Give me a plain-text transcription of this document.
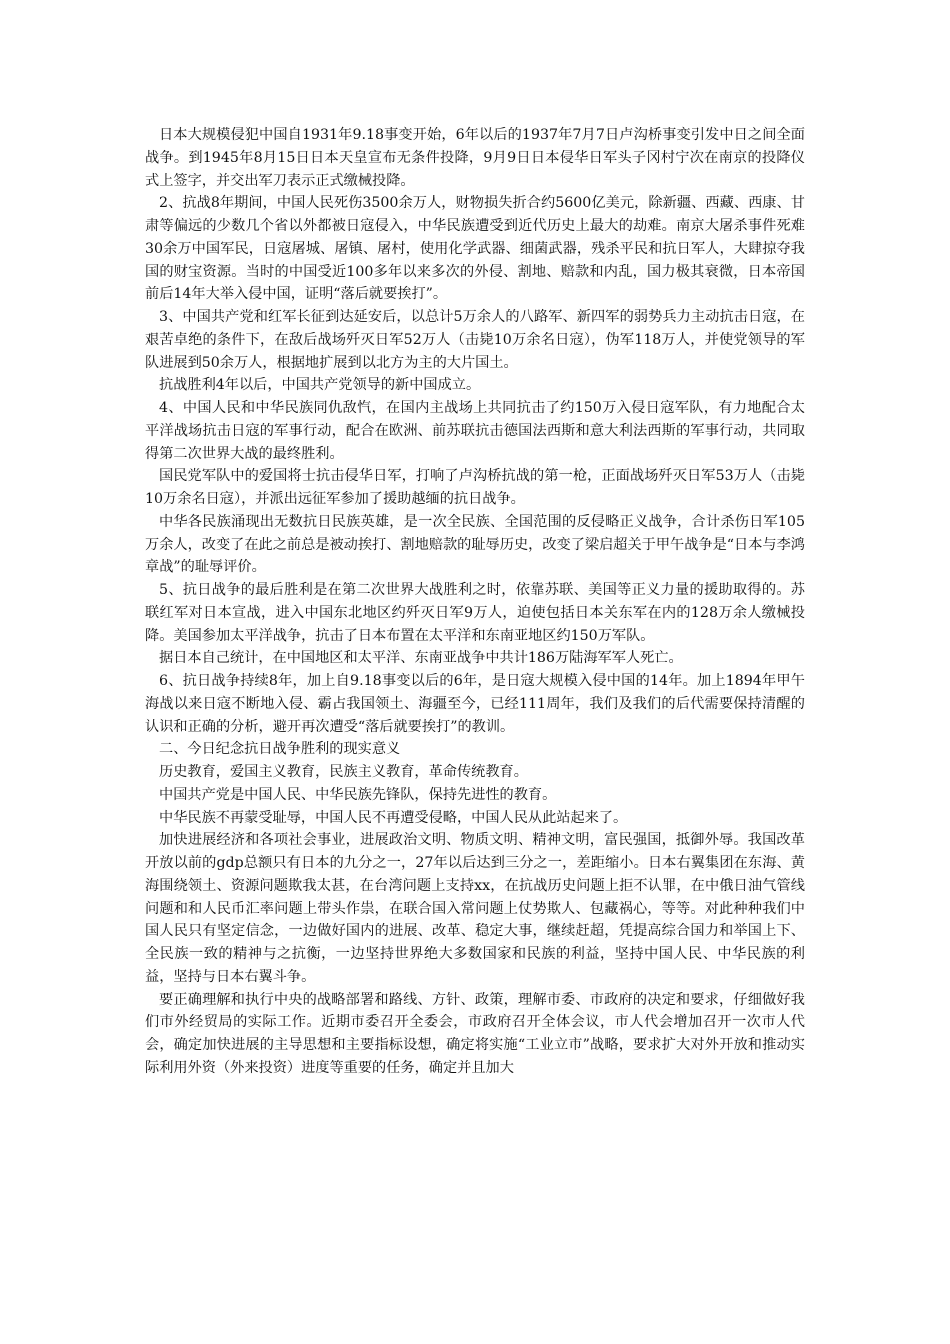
日本大规模侵犯中国自1931年9.18事变开始，6年以后的1937年7月7日卢沟桥事变引发中日之间全面战争。到1945年8月15日日本天皇宣布无条件投降，9月9日日本侵华日军头子冈村宁次在南京的投降仪式上签字，并交出军刀表示正式缴械投降。

2、抗战8年期间，中国人民死伤3500余万人，财物损失折合约5600亿美元，除新疆、西藏、西康、甘肃等偏远的少数几个省以外都被日寇侵入，中华民族遭受到近代历史上最大的劫难。南京大屠杀事件死难30余万中国军民，日寇屠城、屠镇、屠村，使用化学武器、细菌武器，残杀平民和抗日军人，大肆掠夺我国的财宝资源。当时的中国受近100多年以来多次的外侵、割地、赔款和内乱，国力极其衰微，日本帝国前后14年大举入侵中国，证明“落后就要挨打”。

3、中国共产党和红军长征到达延安后，以总计5万余人的八路军、新四军的弱势兵力主动抗击日寇，在艰苦卓绝的条件下，在敌后战场歼灭日军52万人（击毙10万余名日寇），伪军118万人，并使党领导的军队进展到50余万人，根据地扩展到以北方为主的大片国土。

抗战胜利4年以后，中国共产党领导的新中国成立。

4、中国人民和中华民族同仇敌忾，在国内主战场上共同抗击了约150万入侵日寇军队，有力地配合太平洋战场抗击日寇的军事行动，配合在欧洲、前苏联抗击德国法西斯和意大利法西斯的军事行动，共同取得第二次世界大战的最终胜利。

国民党军队中的爱国将士抗击侵华日军，打响了卢沟桥抗战的第一枪，正面战场歼灭日军53万人（击毙10万余名日寇），并派出远征军参加了援助越缅的抗日战争。

中华各民族涌现出无数抗日民族英雄，是一次全民族、全国范围的反侵略正义战争，合计杀伤日军105万余人，改变了在此之前总是被动挨打、割地赔款的耻辱历史，改变了梁启超关于甲午战争是“日本与李鸿章战”的耻辱评价。

5、抗日战争的最后胜利是在第二次世界大战胜利之时，依靠苏联、美国等正义力量的援助取得的。苏联红军对日本宣战，进入中国东北地区约歼灭日军9万人，迫使包括日本关东军在内的128万余人缴械投降。美国参加太平洋战争，抗击了日本布置在太平洋和东南亚地区约150万军队。

据日本自己统计，在中国地区和太平洋、东南亚战争中共计186万陆海军军人死亡。

6、抗日战争持续8年，加上自9.18事变以后的6年，是日寇大规模入侵中国的14年。加上1894年甲午海战以来日寇不断地入侵、霸占我国领土、海疆至今，已经111周年，我们及我们的后代需要保持清醒的认识和正确的分析，避开再次遭受“落后就要挨打”的教训。

二、今日纪念抗日战争胜利的现实意义

历史教育，爱国主义教育，民族主义教育，革命传统教育。

中国共产党是中国人民、中华民族先锋队，保持先进性的教育。

中华民族不再蒙受耻辱，中国人民不再遭受侵略，中国人民从此站起来了。

加快进展经济和各项社会事业，进展政治文明、物质文明、精神文明，富民强国，抵御外辱。我国改革开放以前的gdp总额只有日本的九分之一，27年以后达到三分之一，差距缩小。日本右翼集团在东海、黄海围绕领土、资源问题欺我太甚，在台湾问题上支持xx，在抗战历史问题上拒不认罪，在中俄日油气管线问题和和人民币汇率问题上带头作祟，在联合国入常问题上仗势欺人、包藏祸心，等等。对此种种我们中国人民只有坚定信念，一边做好国内的进展、改革、稳定大事，继续赶超，凭提高综合国力和举国上下、全民族一致的精神与之抗衡，一边坚持世界绝大多数国家和民族的利益，坚持中国人民、中华民族的利益，坚持与日本右翼斗争。

要正确理解和执行中央的战略部署和路线、方针、政策，理解市委、市政府的决定和要求，仔细做好我们市外经贸局的实际工作。近期市委召开全委会，市政府召开全体会议，市人代会增加召开一次市人代会，确定加快进展的主导思想和主要指标设想，确定将实施“工业立市”战略，要求扩大对外开放和推动实际利用外资（外来投资）进度等重要的任务，确定并且加大
